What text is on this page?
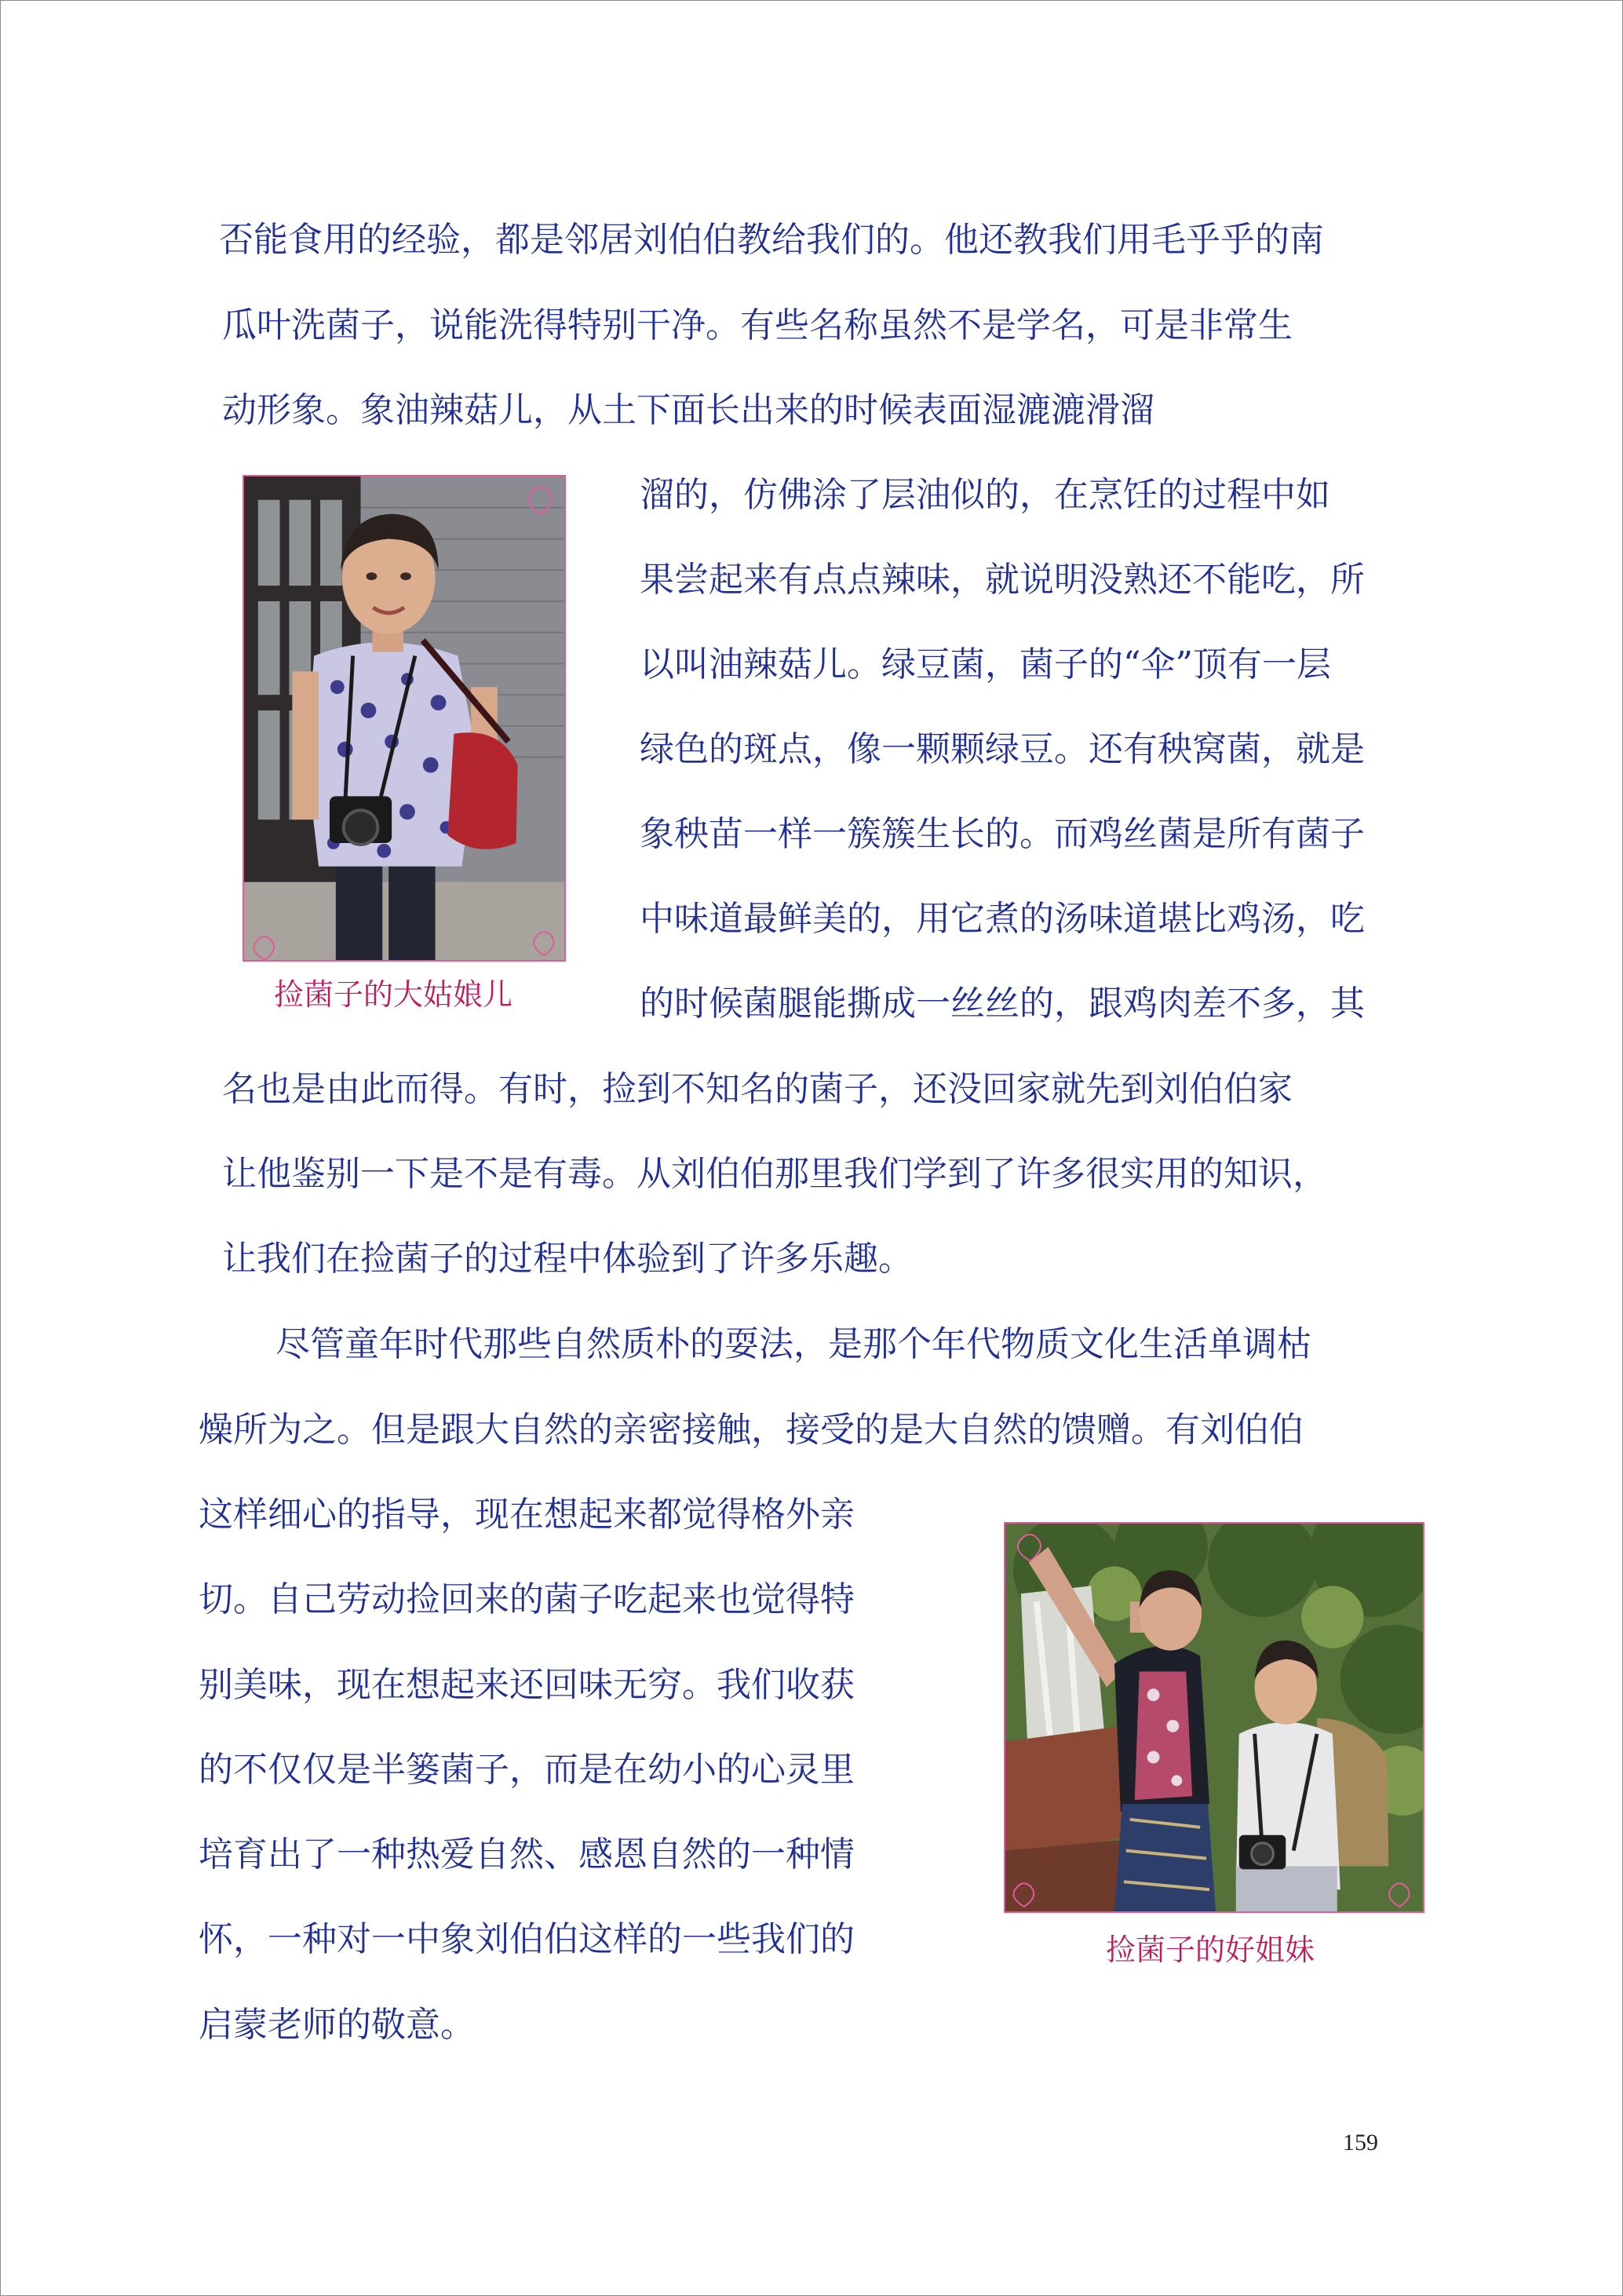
否能食用的经验，都是邻居刘伯伯教给我们的。他还教我们用毛乎乎的南
瓜叶洗菌子，说能洗得特别干净。有些名称虽然不是学名，可是非常生
动形象。象油辣菇儿，从土下面长出来的时候表面湿漉漉滑溜
溜的，仿佛涂了层油似的，在烹饪的过程中如
果尝起来有点点辣味，就说明没熟还不能吃，所
以叫油辣菇儿。绿豆菌，菌子的“伞”顶有一层
绿色的斑点，像一颗颗绿豆。还有秧窝菌，就是
象秧苗一样一簇簇生长的。而鸡丝菌是所有菌子
中味道最鲜美的，用它煮的汤味道堪比鸡汤，吃
的时候菌腿能撕成一丝丝的，跟鸡肉差不多，其
名也是由此而得。有时，捡到不知名的菌子，还没回家就先到刘伯伯家
让他鉴别一下是不是有毒。从刘伯伯那里我们学到了许多很实用的知识，
让我们在捡菌子的过程中体验到了许多乐趣。
尽管童年时代那些自然质朴的耍法，是那个年代物质文化生活单调枯
燥所为之。但是跟大自然的亲密接触，接受的是大自然的馈赠。有刘伯伯
这样细心的指导，现在想起来都觉得格外亲
切。自己劳动捡回来的菌子吃起来也觉得特
别美味，现在想起来还回味无穷。我们收获
的不仅仅是半篓菌子，而是在幼小的心灵里
培育出了一种热爱自然、感恩自然的一种情
怀，一种对一中象刘伯伯这样的一些我们的
启蒙老师的敬意。
捡菌子的大姑娘儿
捡菌子的好姐妹
159
